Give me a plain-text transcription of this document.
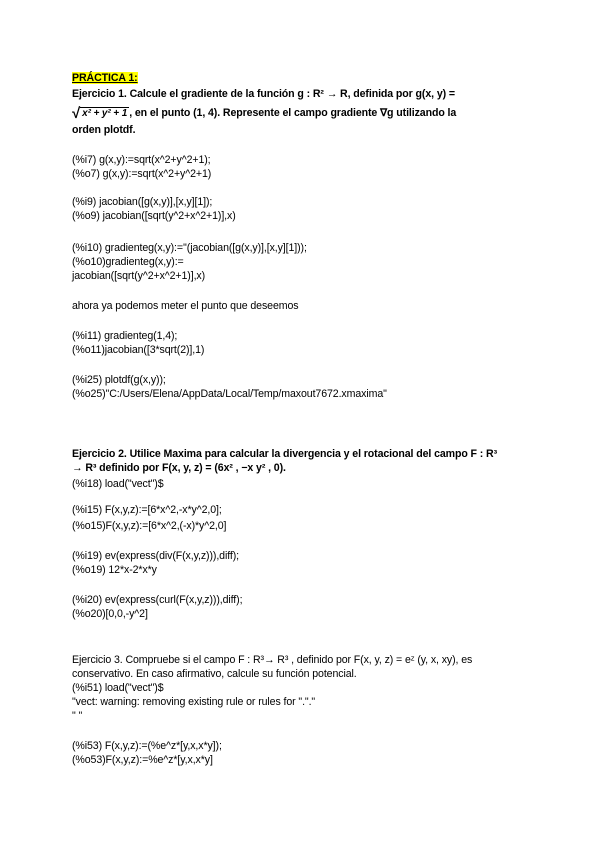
PRÁCTICA 1:
Ejercicio 1. Calcule el gradiente de la función g : R² → R, definida por g(x, y) =
√ x² + y² + 1 , en el punto (1, 4). Represente el campo gradiente ∇g utilizando la
orden plotdf.
(%i7) g(x,y):=sqrt(x^2+y^2+1);
(%o7) g(x,y):=sqrt(x^2+y^2+1)
(%i9) jacobian([g(x,y)],[x,y][1]);
(%o9) jacobian([sqrt(y^2+x^2+1)],x)
(%i10) gradienteg(x,y):=''(jacobian([g(x,y)],[x,y][1]));
(%o10)gradienteg(x,y):=
jacobian([sqrt(y^2+x^2+1)],x)
ahora ya podemos meter el punto que deseemos
(%i11) gradienteg(1,4);
(%o11)jacobian([3*sqrt(2)],1)
(%i25) plotdf(g(x,y));
(%o25)"C:/Users/Elena/AppData/Local/Temp/maxout7672.xmaxima"
Ejercicio 2. Utilice Maxima para calcular la divergencia y el rotacional del campo F : R³
→ R³ definido por F(x, y, z) = (6x² , −x y² , 0).
(%i18) load("vect")$
(%i15) F(x,y,z):=[6*x^2,-x*y^2,0];
(%o15)F(x,y,z):=[6*x^2,(-x)*y^2,0]
(%i19) ev(express(div(F(x,y,z))),diff);
(%o19) 12*x-2*x*y
(%i20) ev(express(curl(F(x,y,z))),diff);
(%o20)[0,0,-y^2]
Ejercicio 3. Compruebe si el campo F : R³→ R³ , definido por F(x, y, z) = eᶻ (y, x, xy), es
conservativo. En caso afirmativo, calcule su función potencial.
(%i51) load("vect")$
"vect: warning: removing existing rule or rules for "."."
" "
(%i53) F(x,y,z):=(%e^z*[y,x,x*y]);
(%o53)F(x,y,z):=%e^z*[y,x,x*y]
